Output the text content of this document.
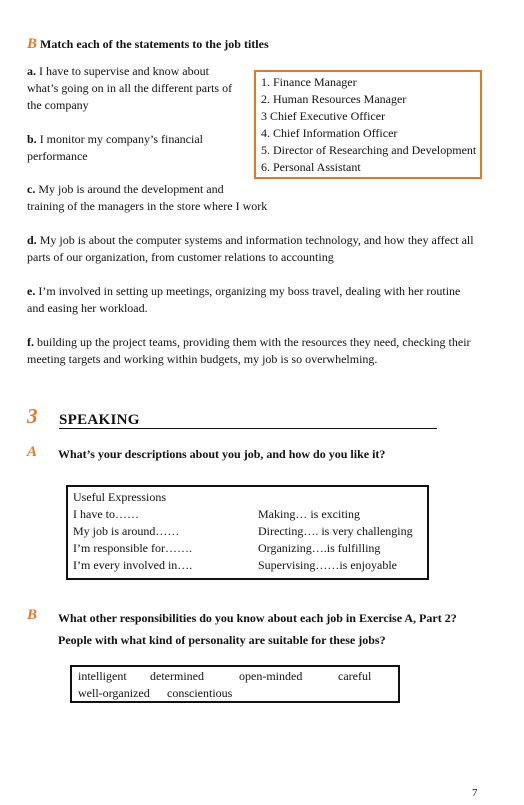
B Match each of the statements to the job titles
a. I have to supervise and know about
what’s going on in all the different parts of
the company
b. I monitor my company’s financial
performance
1. Finance Manager
2. Human Resources Manager
3 Chief Executive Officer
4. Chief Information Officer
5. Director of Researching and Development
6. Personal Assistant
c. My job is around the development and
training of the managers in the store where I work
d. My job is about the computer systems and information technology, and how they affect all
parts of our organization, from customer relations to accounting
e. I’m involved in setting up meetings, organizing my boss travel, dealing with her routine
and easing her workload.
f. building up the project teams, providing them with the resources they need, checking their
meeting targets and working within budgets, my job is so overwhelming.
3 SPEAKING
A What’s your descriptions about you job, and how do you like it?
Useful Expressions
I have to……
My job is around……
I’m responsible for…….
I’m every involved in….
Making… is exciting
Directing…. is very challenging
Organizing….is fulfilling
Supervising……is enjoyable
B What other responsibilities do you know about each job in Exercise A, Part 2?
People with what kind of personality are suitable for these jobs?
intelligent determined	open-minded	careful
well-organized conscientious
7
